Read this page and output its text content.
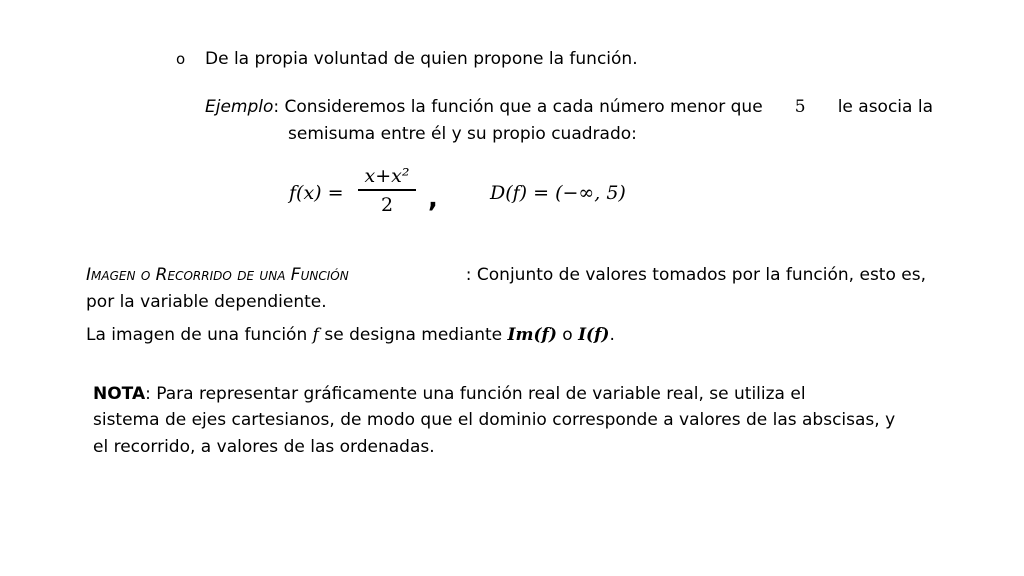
o De la propia voluntad de quien propone la función.
Ejemplo: Consideremos la función que a cada número menor que 5 le asocia la
semisuma entre él y su propio cuadrado:
f(x) =
x+x²
2	,	D(f) = (−∞, 5)
Imagen o Recorrido de una Función	: Conjunto de valores tomados por la función, esto es,
por la variable dependiente.
La imagen de una función f se designa mediante Im(f) o I(f).
NOTA: Para representar gráficamente una función real de variable real, se utiliza el
sistema de ejes cartesianos, de modo que el dominio corresponde a valores de las abscisas, y
el recorrido, a valores de las ordenadas.
